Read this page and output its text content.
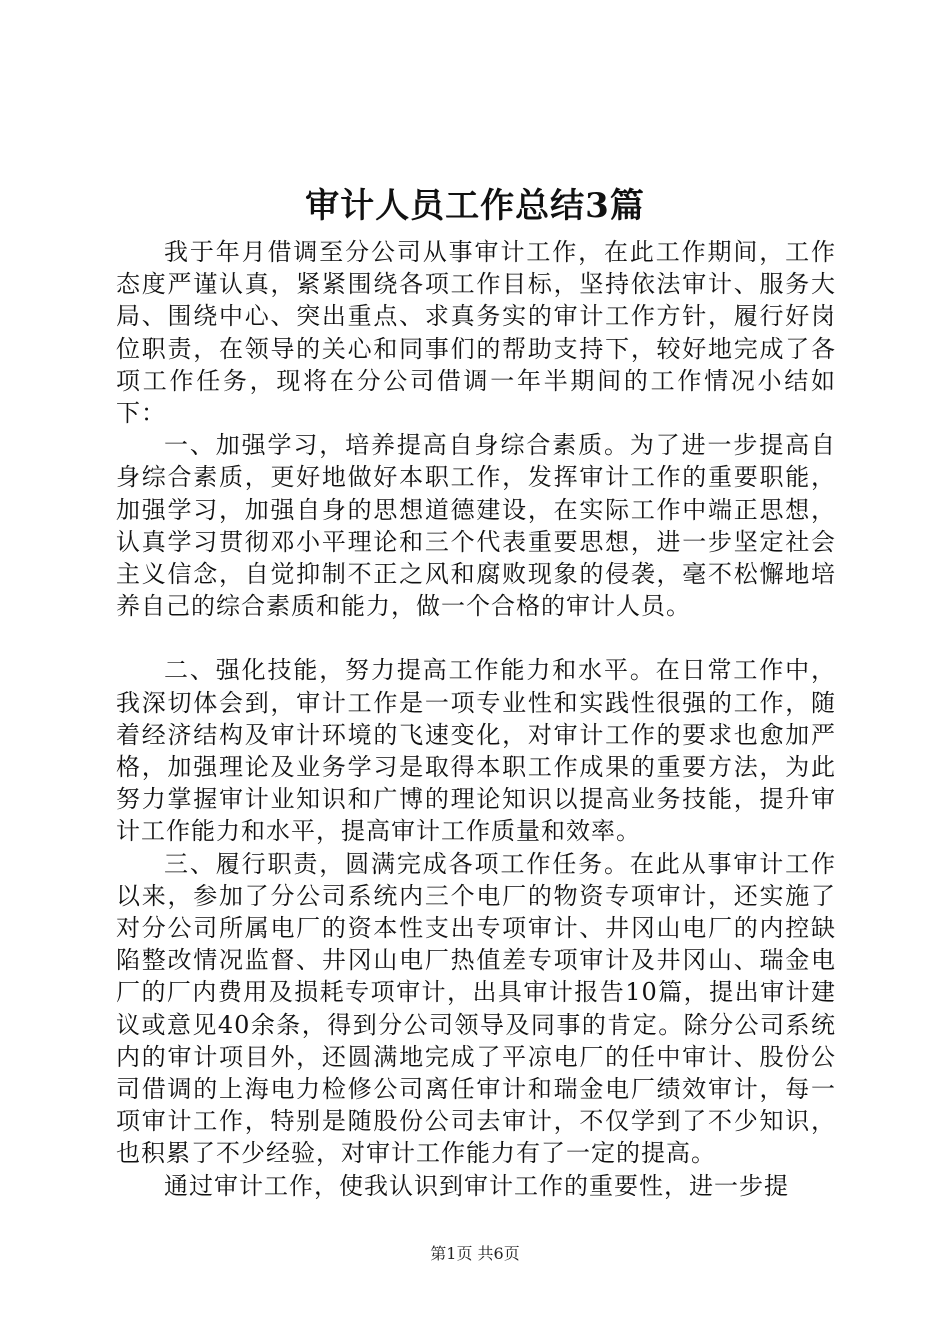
审计人员工作总结3篇

我于年月借调至分公司从事审计工作，在此工作期间，工作态度严谨认真，紧紧围绕各项工作目标，坚持依法审计、服务大局、围绕中心、突出重点、求真务实的审计工作方针，履行好岗位职责，在领导的关心和同事们的帮助支持下，较好地完成了各项工作任务，现将在分公司借调一年半期间的工作情况小结如下：

一、加强学习，培养提高自身综合素质。为了进一步提高自身综合素质，更好地做好本职工作，发挥审计工作的重要职能，加强学习，加强自身的思想道德建设，在实际工作中端正思想，认真学习贯彻邓小平理论和三个代表重要思想，进一步坚定社会主义信念，自觉抑制不正之风和腐败现象的侵袭，毫不松懈地培养自己的综合素质和能力，做一个合格的审计人员。

二、强化技能，努力提高工作能力和水平。在日常工作中，我深切体会到，审计工作是一项专业性和实践性很强的工作，随着经济结构及审计环境的飞速变化，对审计工作的要求也愈加严格，加强理论及业务学习是取得本职工作成果的重要方法，为此努力掌握审计业知识和广博的理论知识以提高业务技能，提升审计工作能力和水平，提高审计工作质量和效率。

三、履行职责，圆满完成各项工作任务。在此从事审计工作以来，参加了分公司系统内三个电厂的物资专项审计，还实施了对分公司所属电厂的资本性支出专项审计、井冈山电厂的内控缺陷整改情况监督、井冈山电厂热值差专项审计及井冈山、瑞金电厂的厂内费用及损耗专项审计，出具审计报告10篇，提出审计建议或意见40余条，得到分公司领导及同事的肯定。除分公司系统内的审计项目外，还圆满地完成了平凉电厂的任中审计、股份公司借调的上海电力检修公司离任审计和瑞金电厂绩效审计，每一项审计工作，特别是随股份公司去审计，不仅学到了不少知识，也积累了不少经验，对审计工作能力有了一定的提高。

通过审计工作，使我认识到审计工作的重要性，进一步提

第1页 共6页
